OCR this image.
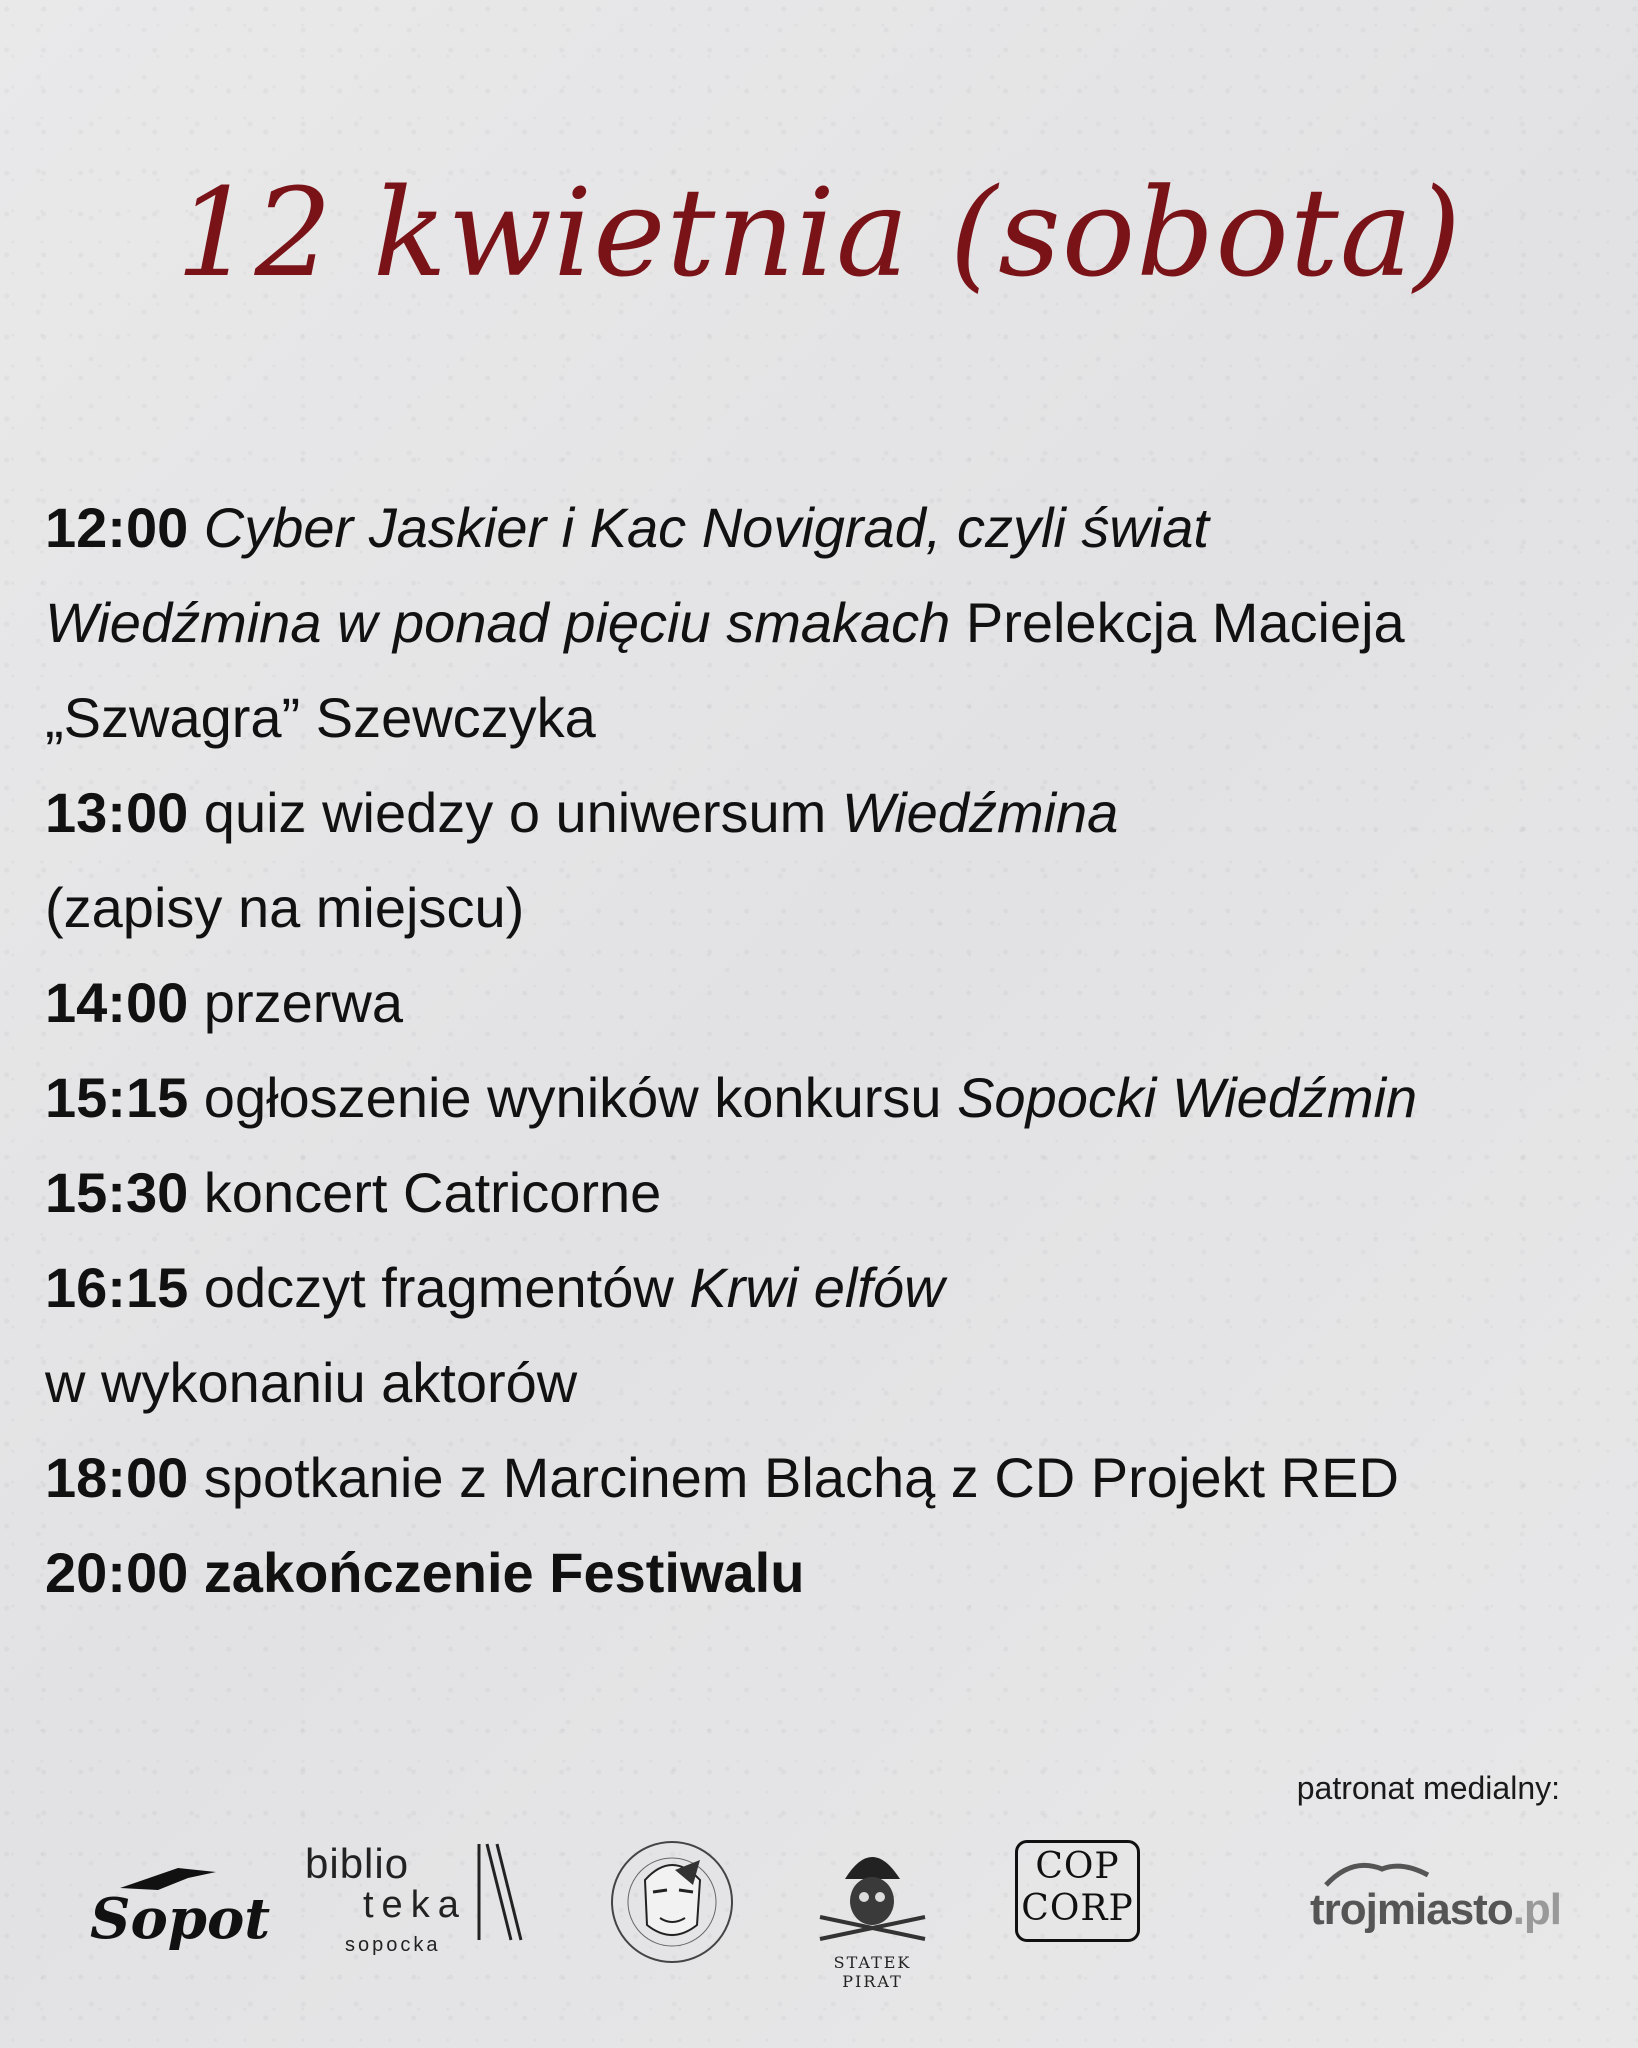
12 kwietnia (sobota)
12:00 Cyber Jaskier i Kac Novigrad, czyli świat
Wiedźmina w ponad pięciu smakach Prelekcja Macieja
„Szwagra” Szewczyka
13:00 quiz wiedzy o uniwersum Wiedźmina
(zapisy na miejscu)
14:00 przerwa
15:15 ogłoszenie wyników konkursu Sopocki Wiedźmin
15:30 koncert Catricorne
16:15 odczyt fragmentów Krwi elfów
w wykonaniu aktorów
18:00 spotkanie z Marcinem Blachą z CD Projekt RED
20:00 zakończenie Festiwalu
patronat medialny:
Sopot
biblio
teka
sopocka
STATEK PIRAT
COP
CORP	trojmiasto.pl
